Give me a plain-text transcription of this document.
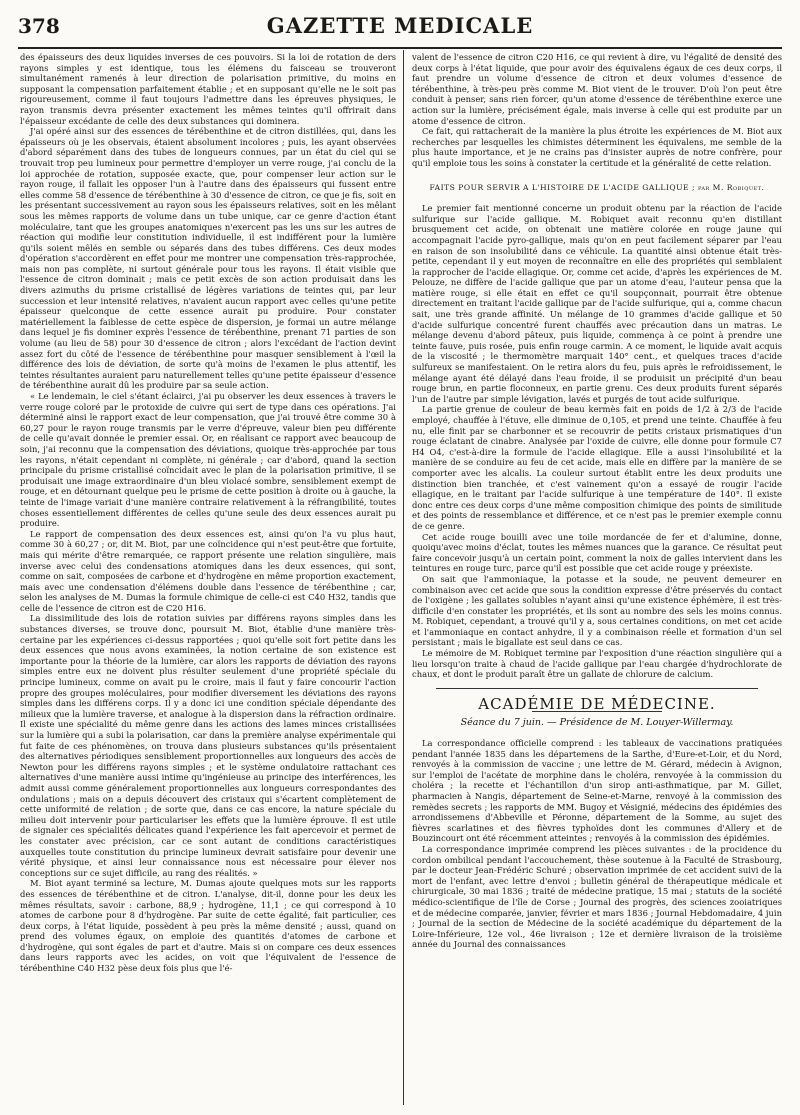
378	GAZETTE MEDICALE

des épaisseurs des deux liquides inverses de ces pouvoirs. Si la loi de rotation de ders rayons simples y est identique, tous les élémens du faisceau se trouveront simultanément ramenés à leur direction de polarisation primitive, du moins en supposant la compensation parfaitement établie ; et en supposant qu'elle ne le soit pas rigoureusement, comme il faut toujours l'admettre dans les épreuves physiques, le rayon transmis devra présenter exactement les mêmes teintes qu'il offrirait dans l'épaisseur excédante de celle des deux substances qui dominera.

J'ai opéré ainsi sur des essences de térébenthine et de citron distillées, qui, dans les épaisseurs où je les observais, étaient absolument incolores ; puis, les ayant observées d'abord séparément dans des tubes de longueurs connues, par un état du ciel qui se trouvait trop peu lumineux pour permettre d'employer un verre rouge, j'ai conclu de la loi approchée de rotation, supposée exacte, que, pour compenser leur action sur le rayon rouge, il fallait les opposer l'un à l'autre dans des épaisseurs qui fussent entre elles comme 58 d'essence de térébenthine à 30 d'essence de citron, ce que je fis, soit en les présentant successivement au rayon sous les épaisseurs relatives, soit en les mêlant sous les mêmes rapports de volume dans un tube unique, car ce genre d'action étant moléculaire, tant que les groupes anatomiques n'exercent pas les uns sur les autres de réaction qui modifie leur constitution individuelle, il est indifférent pour la lumière qu'ils soient mêlés en semble ou séparés dans des tubes différens. Ces deux modes d'opération s'accordèrent en effet pour me montrer une compensation très-rapprochée, mais non pas complète, ni surtout générale pour tous les rayons. Il était visible que l'essence de citron dominait ; mais ce petit excès de son action produisait dans les divers azimuths du prisme cristallisé de légères variations de teintes qui, par leur succession et leur intensité relatives, n'avaient aucun rapport avec celles qu'une petite épaisseur quelconque de cette essence aurait pu produire. Pour constater matériellement la faiblesse de cette espèce de dispersion, je formai un autre mélange dans lequel je fis dominer exprès l'essence de térébenthine, prenant 71 parties de son volume (au lieu de 58) pour 30 d'essence de citron ; alors l'excédant de l'action devint assez fort du côté de l'essence de térébenthine pour masquer sensiblement à l'œil la différence des lois de déviation, de sorte qu'à moins de l'examen le plus attentif, les teintes résultantes auraient paru naturellement telles qu'une petite épaisseur d'essence de térébenthine aurait dû les produire par sa seule action.

« Le lendemain, le ciel s'étant éclairci, j'ai pu observer les deux essences à travers le verre rouge coloré par le protoxide de cuivre qui sert de type dans ces opérations. J'ai déterminé ainsi le rapport exact de leur compensation, que j'ai trouvé être comme 30 à 60,27 pour le rayon rouge transmis par le verre d'épreuve, valeur bien peu différente de celle qu'avait donnée le premier essai. Or, en réalisant ce rapport avec beaucoup de soin, j'ai reconnu que la compensation des déviations, quoique très-approchée par tous les rayons, n'était cependant ni complète, ni générale ; car d'abord, quand la section principale du prisme cristallisé coïncidait avec le plan de la polarisation primitive, il se produisait une image extraordinaire d'un bleu violacé sombre, sensiblement exempt de rouge, et en détournant quelque peu le prisme de cette position à droite ou à gauche, la teinte de l'image variait d'une manière contraire relativement à la réfrangibilité, toutes choses essentiellement différentes de celles qu'une seule des deux essences aurait pu produire.

Le rapport de compensation des deux essences est, ainsi qu'on l'a vu plus haut, comme 30 à 60,27 ; or, dit M. Biot, par une coïncidence qui n'est peut-être que fortuite, mais qui mérite d'être remarquée, ce rapport présente une relation singulière, mais inverse avec celui des condensations atomiques dans les deux essences, qui sont, comme on sait, composées de carbone et d'hydrogène en même proportion exactement, mais avec une condensation d'élémens double dans l'essence de térébenthine ; car, selon les analyses de M. Dumas la formule chimique de celle-ci est C40 H32, tandis que celle de l'essence de citron est de C20 H16.

La dissimilitude des lois de rotation suivies par différens rayons simples dans les substances diverses, se trouve donc, poursuit M. Biot, établie d'une manière très-certaine par les expériences ci-dessus rapportées ; quoi qu'elle soit fort petite dans les deux essences que nous avons examinées, la notion certaine de son existence est importante pour la théorie de la lumière, car alors les rapports de déviation des rayons simples entre eux ne doivent plus résulter seulement d'une propriété spéciale du principe lumineux, comme on avait pu le croire, mais il faut y faire concourir l'action propre des groupes moléculaires, pour modifier diversement les déviations des rayons simples dans les différens corps. Il y a donc ici une condition spéciale dépendante des milieux que la lumière traverse, et analogue à la dispersion dans la réfraction ordinaire. Il existe une spécialité du même genre dans les actions des lames minces cristallisées sur la lumière qui a subi la polarisation, car dans la première analyse expérimentale qui fut faite de ces phénomènes, on trouva dans plusieurs substances qu'ils présentaient des alternatives périodiques sensiblement proportionnelles aux longueurs des accès de Newton pour les différens rayons simples ; et le système ondulatoire rattachant ces alternatives d'une manière aussi intime qu'ingénieuse au principe des interférences, les admit aussi comme généralement proportionnelles aux longueurs correspondantes des ondulations ; mais on a depuis découvert des cristaux qui s'écartent complètement de cette uniformité de relation ; de sorte que, dans ce cas encore, la nature spéciale du milieu doit intervenir pour particulariser les effets que la lumière éprouve. Il est utile de signaler ces spécialités délicates quand l'expérience les fait apercevoir et permet de les constater avec précision, car ce sont autant de conditions caractéristiques auxquelles toute constitution du principe lumineux devrait satisfaire pour devenir une vérité physique, et ainsi leur connaissance nous est nécessaire pour élever nos conceptions sur ce sujet difficile, au rang des réalités. »

M. Biot ayant terminé sa lecture, M. Dumas ajoute quelques mots sur les rapports des essences de térébenthine et de citron. L'analyse, dit-il, donne pour les deux les mêmes résultats, savoir : carbone, 88,9 ; hydrogène, 11,1 ; ce qui correspond à 10 atomes de carbone pour 8 d'hydrogène. Par suite de cette égalité, fait particulier, ces deux corps, à l'état liquide, possèdent à peu près la même densité ; aussi, quand on prend des volumes égaux, on emploie des quantités d'atomes de carbone et d'hydrogène, qui sont égales de part et d'autre. Mais si on compare ces deux essences dans leurs rapports avec les acides, on voit que l'équivalent de l'essence de térébenthine C40 H32 pèse deux fois plus que l'é-

valent de l'essence de citron C20 H16, ce qui revient à dire, vu l'égalité de densité des deux corps à l'état liquide, que pour avoir des équivalens égaux de ces deux corps, il faut prendre un volume d'essence de citron et deux volumes d'essence de térébenthine, à très-peu près comme M. Biot vient de le trouver. D'où l'on peut être conduit à penser, sans rien forcer, qu'un atome d'essence de térébenthine exerce une action sur la lumière, précisément égale, mais inverse à celle qui est produite par un atome d'essence de citron.

Ce fait, qui rattacherait de la manière la plus étroite les expériences de M. Biot aux recherches par lesquelles les chimistes déterminent les équivalens, me semble de la plus haute importance, et je ne crains pas d'insister auprès de notre confrère, pour qu'il emploie tous les soins à constater la certitude et la généralité de cette relation.

FAITS POUR SERVIR A L'HISTOIRE DE L'ACIDE GALLIQUE ; par M. Robiquet.

Le premier fait mentionné concerne un produit obtenu par la réaction de l'acide sulfurique sur l'acide gallique. M. Robiquet avait reconnu qu'en distillant brusquement cet acide, on obtenait une matière colorée en rouge jaune qui accompagnait l'acide pyro-gallique, mais qu'on en peut facilement séparer par l'eau en raison de son insolubilité dans ce véhicule. La quantité ainsi obtenue était très-petite, cependant il y eut moyen de reconnaître en elle des propriétés qui semblaient la rapprocher de l'acide ellagique. Or, comme cet acide, d'après les expériences de M. Pelouze, ne diffère de l'acide gallique que par un atome d'eau, l'auteur pensa que la matière rouge, si elle était en effet ce qu'il soupçonnait, pourrait être obtenue directement en traitant l'acide gallique par de l'acide sulfurique, qui a, comme chacun sait, une très grande affinité. Un mélange de 10 grammes d'acide gallique et 50 d'acide sulfurique concentré furent chauffés avec précaution dans un matras. Le mélange devenu d'abord pâteux, puis liquide, commença à ce point à prendre une teinte fauve, puis rosée, puis enfin rouge carmin. A ce moment, le liquide avait acquis de la viscosité ; le thermomètre marquait 140° cent., et quelques traces d'acide sulfureux se manifestaient. On le retira alors du feu, puis après le refroidissement, le mélange ayant été délayé dans l'eau froide, il se produisit un précipité d'un beau rouge brun, en partie floconneux, en partie grenu. Ces deux produits furent séparés l'un de l'autre par simple lévigation, lavés et purgés de tout acide sulfurique.

La partie grenue de couleur de beau kermès fait en poids de 1/2 à 2/3 de l'acide employé, chauffée à l'étuve, elle diminue de 0,105, et prend une teinte. Chauffée à feu nu, elle finit par se charbonner et se recouvrir de petits cristaux prismatiques d'un rouge éclatant de cinabre. Analysée par l'oxide de cuivre, elle donne pour formule C7 H4 O4, c'est-à-dire la formule de l'acide ellagique. Elle a aussi l'insolubilité et la manière de se conduire au feu de cet acide, mais elle en diffère par la manière de se comporter avec les alcalis. La couleur surtout établit entre les deux produits une distinction bien tranchée, et c'est vainement qu'on a essayé de rougir l'acide ellagique, en le traitant par l'acide sulfurique à une température de 140°. Il existe donc entre ces deux corps d'une même composition chimique des points de similitude et des points de ressemblance et différence, et ce n'est pas le premier exemple connu de ce genre.

Cet acide rouge bouilli avec une toile mordancée de fer et d'alumine, donne, quoiqu'avec moins d'éclat, toutes les mêmes nuances que la garance. Ce résultat peut faire concevoir jusqu'à un certain point, comment la noix de galles intervient dans les teintures en rouge turc, parce qu'il est possible que cet acide rouge y préexiste.

On sait que l'ammoniaque, la potasse et la soude, ne peuvent demeurer en combinaison avec cet acide que sous la condition expresse d'être préservés du contact de l'oxigène ; les gallates solubles n'ayant ainsi qu'une existence éphémère, il est très-difficile d'en constater les propriétés, et ils sont au nombre des sels les moins connus. M. Robiquet, cependant, a trouvé qu'il y a, sous certaines conditions, on met cet acide et l'ammoniaque en contact anhydre, il y a combinaison réelle et formation d'un sel persistant ; mais le bigallate est seul dans ce cas.

Le mémoire de M. Robiquet termine par l'exposition d'une réaction singulière qui a lieu lorsqu'on traite à chaud de l'acide gallique par l'eau chargée d'hydrochlorate de chaux, et dont le produit paraît être un gallate de chlorure de calcium.

ACADÉMIE DE MÉDECINE.
Séance du 7 juin. — Présidence de M. Louyer-Willermay.

La correspondance officielle comprend : les tableaux de vaccinations pratiquées pendant l'année 1835 dans les départemens de la Sarthe, d'Eure-et-Loir, et du Nord, renvoyés à la commission de vaccine ; une lettre de M. Gérard, médecin à Avignon, sur l'emploi de l'acétate de morphine dans le choléra, renvoyée à la commission du choléra ; la recette et l'échantillon d'un sirop anti-asthmatique, par M. Gillet, pharmacien à Nangis, département de Seine-et-Marne, renvoyé à la commission des remèdes secrets ; les rapports de MM. Bugoy et Vésignié, médecins des épidémies des arrondissemens d'Abbeville et Péronne, département de la Somme, au sujet des fièvres scarlatines et des fièvres typhoïdes dont les communes d'Allery et de Bouzincourt ont été récemment atteintes ; renvoyés à la commission des épidémies.

La correspondance imprimée comprend les pièces suivantes : de la procidence du cordon ombilical pendant l'accouchement, thèse soutenue à la Faculté de Strasbourg, par le docteur Jean-Frédéric Schuré ; observation imprimée de cet accident suivi de la mort de l'enfant, avec lettre d'envoi ; bulletin général de thérapeutique médicale et chirurgicale, 30 mai 1836 ; traité de médecine pratique, 15 mai ; statuts de la société médico-scientifique de l'île de Corse ; Journal des progrès, des sciences zooiatriques et de médecine comparée, janvier, février et mars 1836 ; Journal Hebdomadaire, 4 juin ; Journal de la section de Médecine de la société académique du département de la Loire-Inférieure, 12e vol., 46e livraison ; 12e et dernière livraison de la troisième année du Journal des connaissances
